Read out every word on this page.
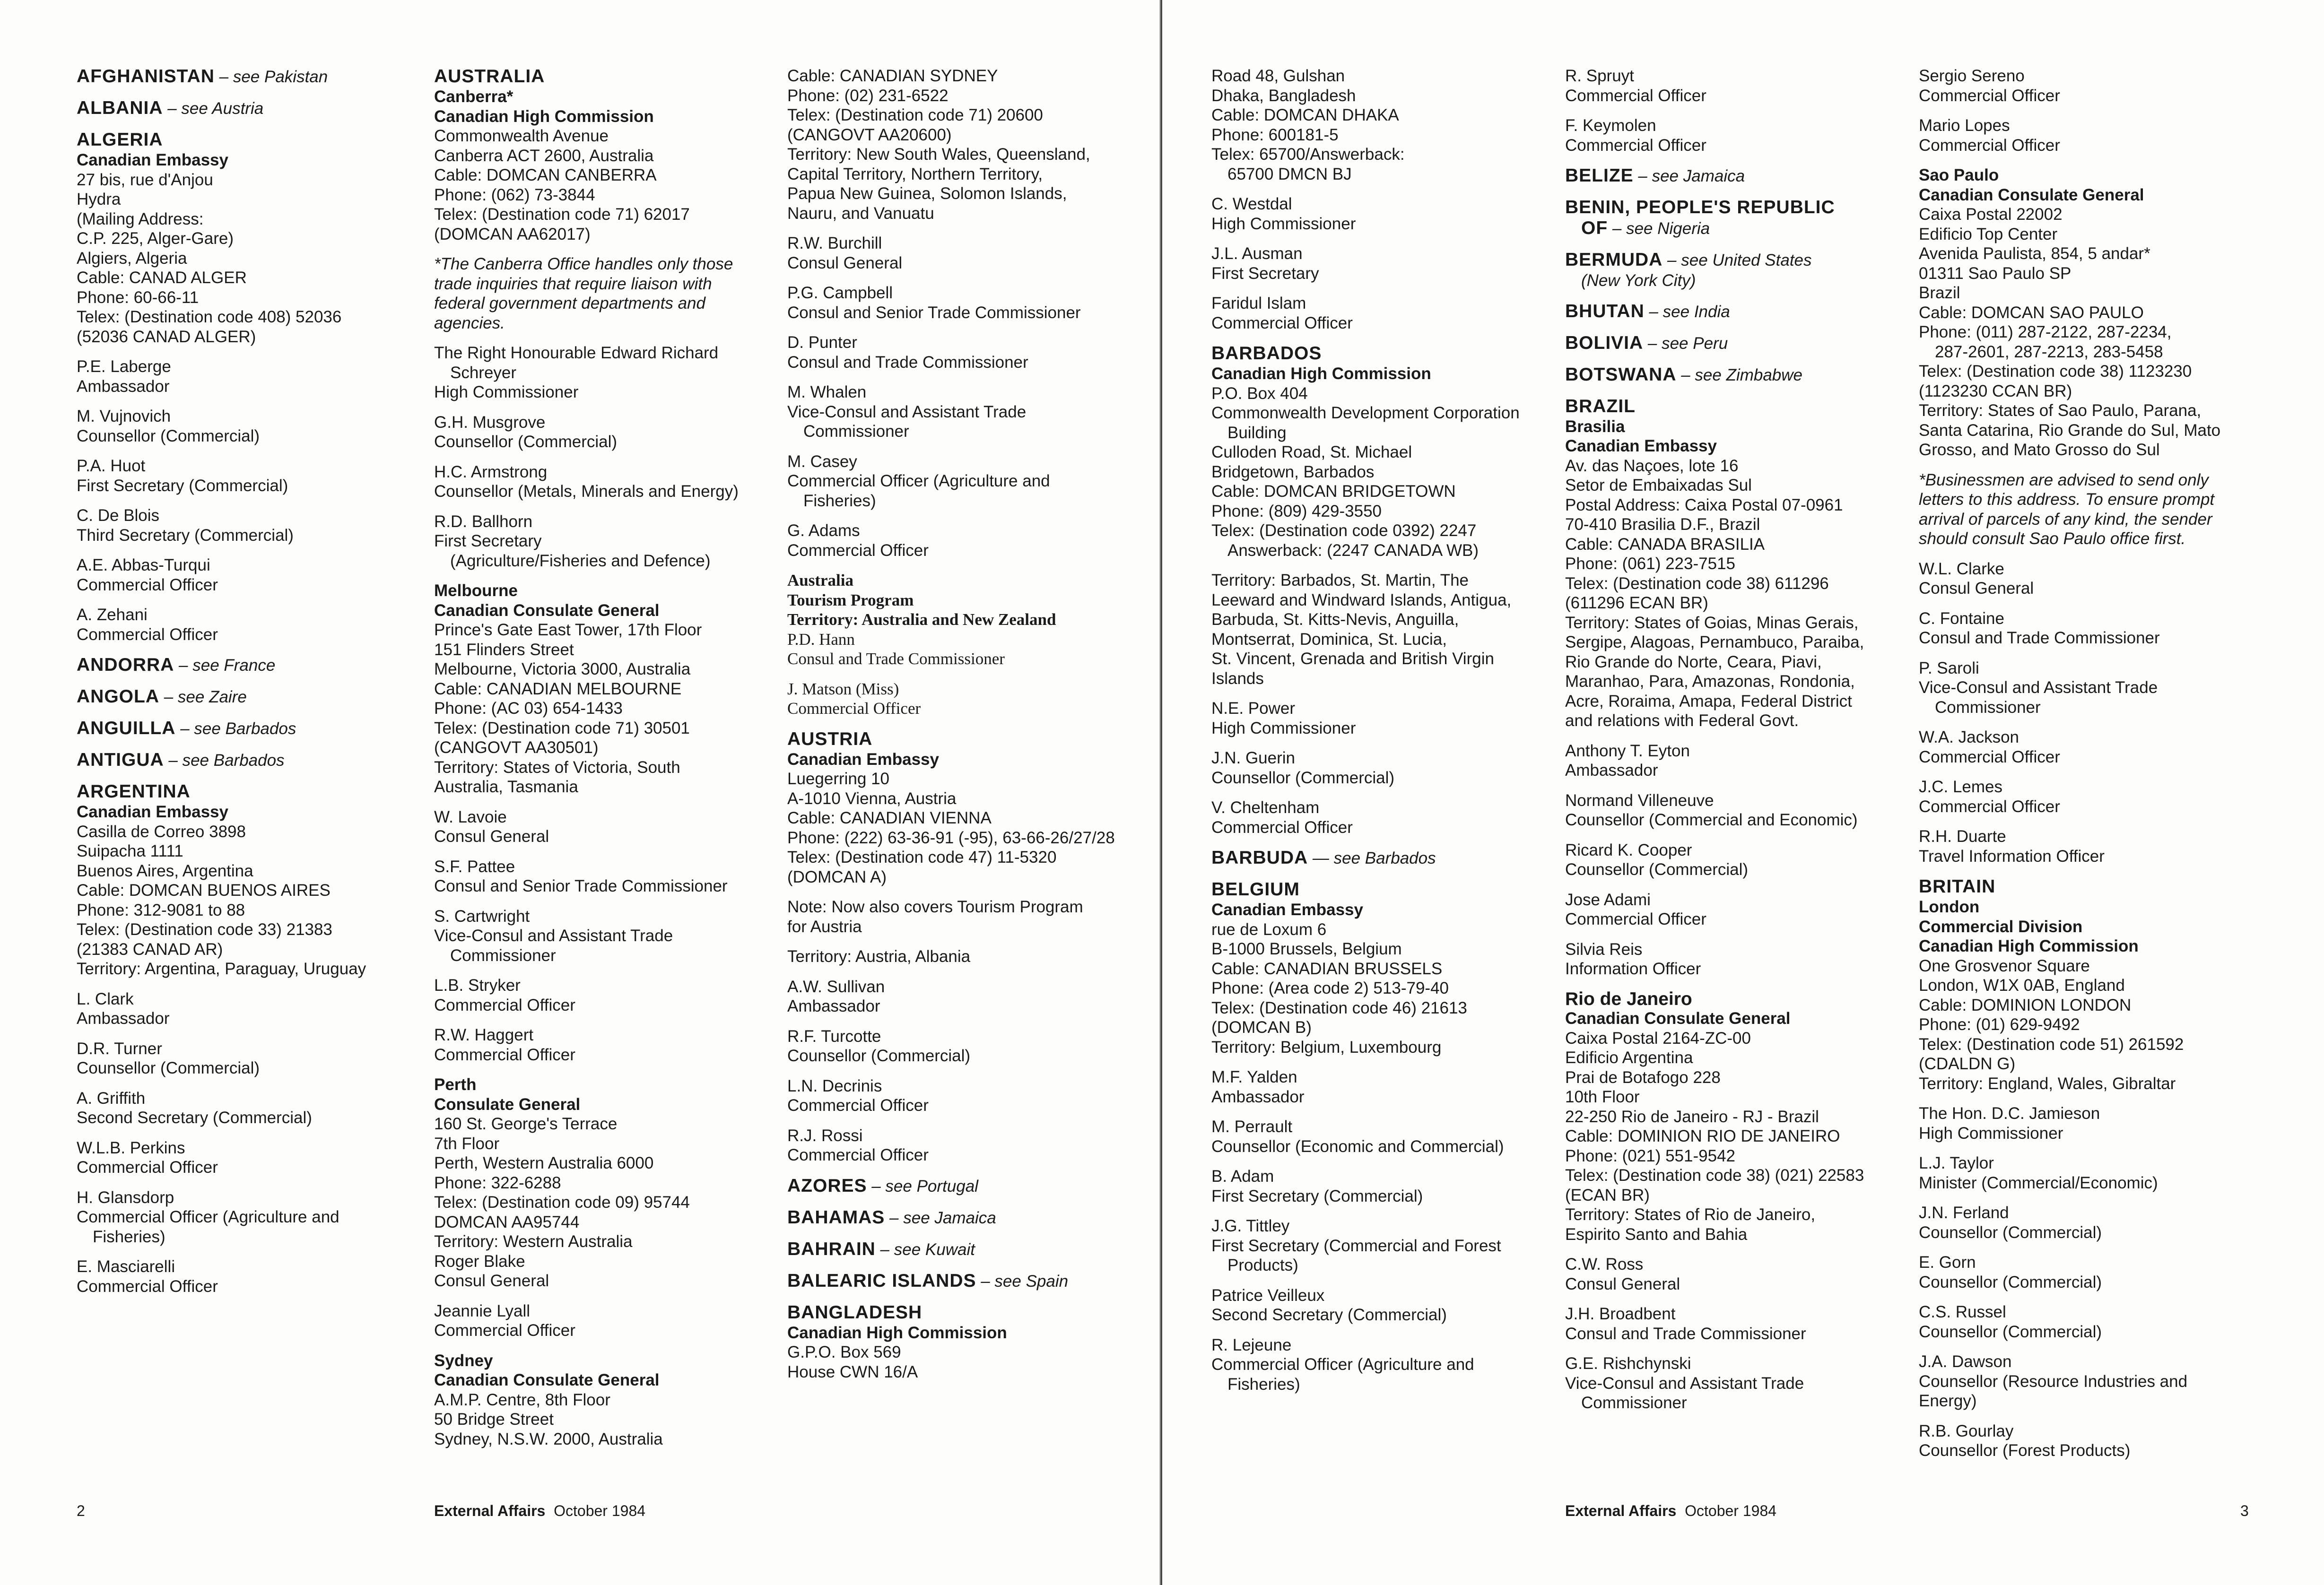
AFGHANISTAN – see Pakistan
ALBANIA – see Austria
ALGERIA
Canadian Embassy
27 bis, rue d'Anjou
Hydra
(Mailing Address:
C.P. 225, Alger-Gare)
Algiers, Algeria
Cable: CANAD ALGER
Phone: 60-66-11
Telex: (Destination code 408) 52036
(52036 CANAD ALGER)
P.E. Laberge
Ambassador
M. Vujnovich
Counsellor (Commercial)
P.A. Huot
First Secretary (Commercial)
C. De Blois
Third Secretary (Commercial)
A.E. Abbas-Turqui
Commercial Officer
A. Zehani
Commercial Officer
ANDORRA – see France
ANGOLA – see Zaire
ANGUILLA – see Barbados
ANTIGUA – see Barbados
ARGENTINA
Canadian Embassy
Casilla de Correo 3898
Suipacha 1111
Buenos Aires, Argentina
Cable: DOMCAN BUENOS AIRES
Phone: 312-9081 to 88
Telex: (Destination code 33) 21383
(21383 CANAD AR)
Territory: Argentina, Paraguay, Uruguay
L. Clark
Ambassador
D.R. Turner
Counsellor (Commercial)
A. Griffith
Second Secretary (Commercial)
W.L.B. Perkins
Commercial Officer
H. Glansdorp
Commercial Officer (Agriculture and
Fisheries)
E. Masciarelli
Commercial Officer
AUSTRALIA
Canberra*
Canadian High Commission
Commonwealth Avenue
Canberra ACT 2600, Australia
Cable: DOMCAN CANBERRA
Phone: (062) 73-3844
Telex: (Destination code 71) 62017
(DOMCAN AA62017)
*The Canberra Office handles only those
trade inquiries that require liaison with
federal government departments and
agencies.
The Right Honourable Edward Richard
Schreyer
High Commissioner
G.H. Musgrove
Counsellor (Commercial)
H.C. Armstrong
Counsellor (Metals, Minerals and Energy)
R.D. Ballhorn
First Secretary
(Agriculture/Fisheries and Defence)
Melbourne
Canadian Consulate General
Prince's Gate East Tower, 17th Floor
151 Flinders Street
Melbourne, Victoria 3000, Australia
Cable: CANADIAN MELBOURNE
Phone: (AC 03) 654-1433
Telex: (Destination code 71) 30501
(CANGOVT AA30501)
Territory: States of Victoria, South
Australia, Tasmania
W. Lavoie
Consul General
S.F. Pattee
Consul and Senior Trade Commissioner
S. Cartwright
Vice-Consul and Assistant Trade
Commissioner
L.B. Stryker
Commercial Officer
R.W. Haggert
Commercial Officer
Perth
Consulate General
160 St. George's Terrace
7th Floor
Perth, Western Australia 6000
Phone: 322-6288
Telex: (Destination code 09) 95744
DOMCAN AA95744
Territory: Western Australia
Roger Blake
Consul General
Jeannie Lyall
Commercial Officer
Sydney
Canadian Consulate General
A.M.P. Centre, 8th Floor
50 Bridge Street
Sydney, N.S.W. 2000, Australia
Cable: CANADIAN SYDNEY
Phone: (02) 231-6522
Telex: (Destination code 71) 20600
(CANGOVT AA20600)
Territory: New South Wales, Queensland,
Capital Territory, Northern Territory,
Papua New Guinea, Solomon Islands,
Nauru, and Vanuatu
R.W. Burchill
Consul General
P.G. Campbell
Consul and Senior Trade Commissioner
D. Punter
Consul and Trade Commissioner
M. Whalen
Vice-Consul and Assistant Trade
Commissioner
M. Casey
Commercial Officer (Agriculture and
Fisheries)
G. Adams
Commercial Officer
Australia
Tourism Program
Territory: Australia and New Zealand
P.D. Hann
Consul and Trade Commissioner
J. Matson (Miss)
Commercial Officer
AUSTRIA
Canadian Embassy
Luegerring 10
A-1010 Vienna, Austria
Cable: CANADIAN VIENNA
Phone: (222) 63-36-91 (-95), 63-66-26/27/28
Telex: (Destination code 47) 11-5320
(DOMCAN A)
Note: Now also covers Tourism Program
for Austria
Territory: Austria, Albania
A.W. Sullivan
Ambassador
R.F. Turcotte
Counsellor (Commercial)
L.N. Decrinis
Commercial Officer
R.J. Rossi
Commercial Officer
AZORES – see Portugal
BAHAMAS – see Jamaica
BAHRAIN – see Kuwait
BALEARIC ISLANDS – see Spain
BANGLADESH
Canadian High Commission
G.P.O. Box 569
House CWN 16/A
2	External Affairs October 1984
Road 48, Gulshan
Dhaka, Bangladesh
Cable: DOMCAN DHAKA
Phone: 600181-5
Telex: 65700/Answerback:
65700 DMCN BJ
C. Westdal
High Commissioner
J.L. Ausman
First Secretary
Faridul Islam
Commercial Officer
BARBADOS
Canadian High Commission
P.O. Box 404
Commonwealth Development Corporation
Building
Culloden Road, St. Michael
Bridgetown, Barbados
Cable: DOMCAN BRIDGETOWN
Phone: (809) 429-3550
Telex: (Destination code 0392) 2247
Answerback: (2247 CANADA WB)
Territory: Barbados, St. Martin, The
Leeward and Windward Islands, Antigua,
Barbuda, St. Kitts-Nevis, Anguilla,
Montserrat, Dominica, St. Lucia,
St. Vincent, Grenada and British Virgin
Islands
N.E. Power
High Commissioner
J.N. Guerin
Counsellor (Commercial)
V. Cheltenham
Commercial Officer
BARBUDA — see Barbados
BELGIUM
Canadian Embassy
rue de Loxum 6
B-1000 Brussels, Belgium
Cable: CANADIAN BRUSSELS
Phone: (Area code 2) 513-79-40
Telex: (Destination code 46) 21613
(DOMCAN B)
Territory: Belgium, Luxembourg
M.F. Yalden
Ambassador
M. Perrault
Counsellor (Economic and Commercial)
B. Adam
First Secretary (Commercial)
J.G. Tittley
First Secretary (Commercial and Forest
Products)
Patrice Veilleux
Second Secretary (Commercial)
R. Lejeune
Commercial Officer (Agriculture and
Fisheries)
R. Spruyt
Commercial Officer
F. Keymolen
Commercial Officer
BELIZE – see Jamaica
BENIN, PEOPLE'S REPUBLIC
OF – see Nigeria
BERMUDA – see United States
(New York City)
BHUTAN – see India
BOLIVIA – see Peru
BOTSWANA – see Zimbabwe
BRAZIL
Brasilia
Canadian Embassy
Av. das Naçoes, lote 16
Setor de Embaixadas Sul
Postal Address: Caixa Postal 07-0961
70-410 Brasilia D.F., Brazil
Cable: CANADA BRASILIA
Phone: (061) 223-7515
Telex: (Destination code 38) 611296
(611296 ECAN BR)
Territory: States of Goias, Minas Gerais,
Sergipe, Alagoas, Pernambuco, Paraiba,
Rio Grande do Norte, Ceara, Piavi,
Maranhao, Para, Amazonas, Rondonia,
Acre, Roraima, Amapa, Federal District
and relations with Federal Govt.
Anthony T. Eyton
Ambassador
Normand Villeneuve
Counsellor (Commercial and Economic)
Ricard K. Cooper
Counsellor (Commercial)
Jose Adami
Commercial Officer
Silvia Reis
Information Officer
Rio de Janeiro
Canadian Consulate General
Caixa Postal 2164-ZC-00
Edificio Argentina
Prai de Botafogo 228
10th Floor
22-250 Rio de Janeiro - RJ - Brazil
Cable: DOMINION RIO DE JANEIRO
Phone: (021) 551-9542
Telex: (Destination code 38) (021) 22583
(ECAN BR)
Territory: States of Rio de Janeiro,
Espirito Santo and Bahia
C.W. Ross
Consul General
J.H. Broadbent
Consul and Trade Commissioner
G.E. Rishchynski
Vice-Consul and Assistant Trade
Commissioner
Sergio Sereno
Commercial Officer
Mario Lopes
Commercial Officer
Sao Paulo
Canadian Consulate General
Caixa Postal 22002
Edificio Top Center
Avenida Paulista, 854, 5 andar*
01311 Sao Paulo SP
Brazil
Cable: DOMCAN SAO PAULO
Phone: (011) 287-2122, 287-2234,
287-2601, 287-2213, 283-5458
Telex: (Destination code 38) 1123230
(1123230 CCAN BR)
Territory: States of Sao Paulo, Parana,
Santa Catarina, Rio Grande do Sul, Mato
Grosso, and Mato Grosso do Sul
*Businessmen are advised to send only
letters to this address. To ensure prompt
arrival of parcels of any kind, the sender
should consult Sao Paulo office first.
W.L. Clarke
Consul General
C. Fontaine
Consul and Trade Commissioner
P. Saroli
Vice-Consul and Assistant Trade
Commissioner
W.A. Jackson
Commercial Officer
J.C. Lemes
Commercial Officer
R.H. Duarte
Travel Information Officer
BRITAIN
London
Commercial Division
Canadian High Commission
One Grosvenor Square
London, W1X 0AB, England
Cable: DOMINION LONDON
Phone: (01) 629-9492
Telex: (Destination code 51) 261592
(CDALDN G)
Territory: England, Wales, Gibraltar
The Hon. D.C. Jamieson
High Commissioner
L.J. Taylor
Minister (Commercial/Economic)
J.N. Ferland
Counsellor (Commercial)
E. Gorn
Counsellor (Commercial)
C.S. Russel
Counsellor (Commercial)
J.A. Dawson
Counsellor (Resource Industries and
Energy)
R.B. Gourlay
Counsellor (Forest Products)
External Affairs October 1984	3
